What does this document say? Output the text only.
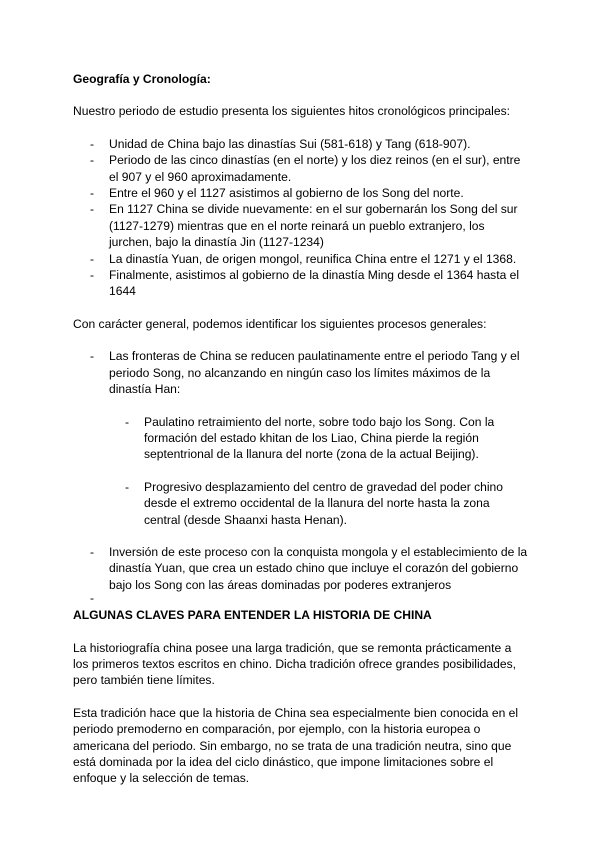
Geografía y Cronología:

Nuestro periodo de estudio presenta los siguientes hitos cronológicos principales:

- Unidad de China bajo las dinastías Sui (581-618) y Tang (618-907).
- Periodo de las cinco dinastías (en el norte) y los diez reinos (en el sur), entre el 907 y el 960 aproximadamente.
- Entre el 960 y el 1127 asistimos al gobierno de los Song del norte.
- En 1127 China se divide nuevamente: en el sur gobernarán los Song del sur (1127-1279) mientras que en el norte reinará un pueblo extranjero, los jurchen, bajo la dinastía Jin (1127-1234)
- La dinastía Yuan, de origen mongol, reunifica China entre el 1271 y el 1368.
- Finalmente, asistimos al gobierno de la dinastía Ming desde el 1364 hasta el 1644

Con carácter general, podemos identificar los siguientes procesos generales:

- Las fronteras de China se reducen paulatinamente entre el periodo Tang y el periodo Song, no alcanzando en ningún caso los límites máximos de la dinastía Han:
- Paulatino retraimiento del norte, sobre todo bajo los Song. Con la formación del estado khitan de los Liao, China pierde la región septentrional de la llanura del norte (zona de la actual Beijing).
- Progresivo desplazamiento del centro de gravedad del poder chino desde el extremo occidental de la llanura del norte hasta la zona central (desde Shaanxi hasta Henan).
- Inversión de este proceso con la conquista mongola y el establecimiento de la dinastía Yuan, que crea un estado chino que incluye el corazón del gobierno bajo los Song con las áreas dominadas por poderes extranjeros
-

ALGUNAS CLAVES PARA ENTENDER LA HISTORIA DE CHINA

La historiografía china posee una larga tradición, que se remonta prácticamente a los primeros textos escritos en chino. Dicha tradición ofrece grandes posibilidades, pero también tiene límites.

Esta tradición hace que la historia de China sea especialmente bien conocida en el periodo premoderno en comparación, por ejemplo, con la historia europea o americana del periodo. Sin embargo, no se trata de una tradición neutra, sino que está dominada por la idea del ciclo dinástico, que impone limitaciones sobre el enfoque y la selección de temas.
